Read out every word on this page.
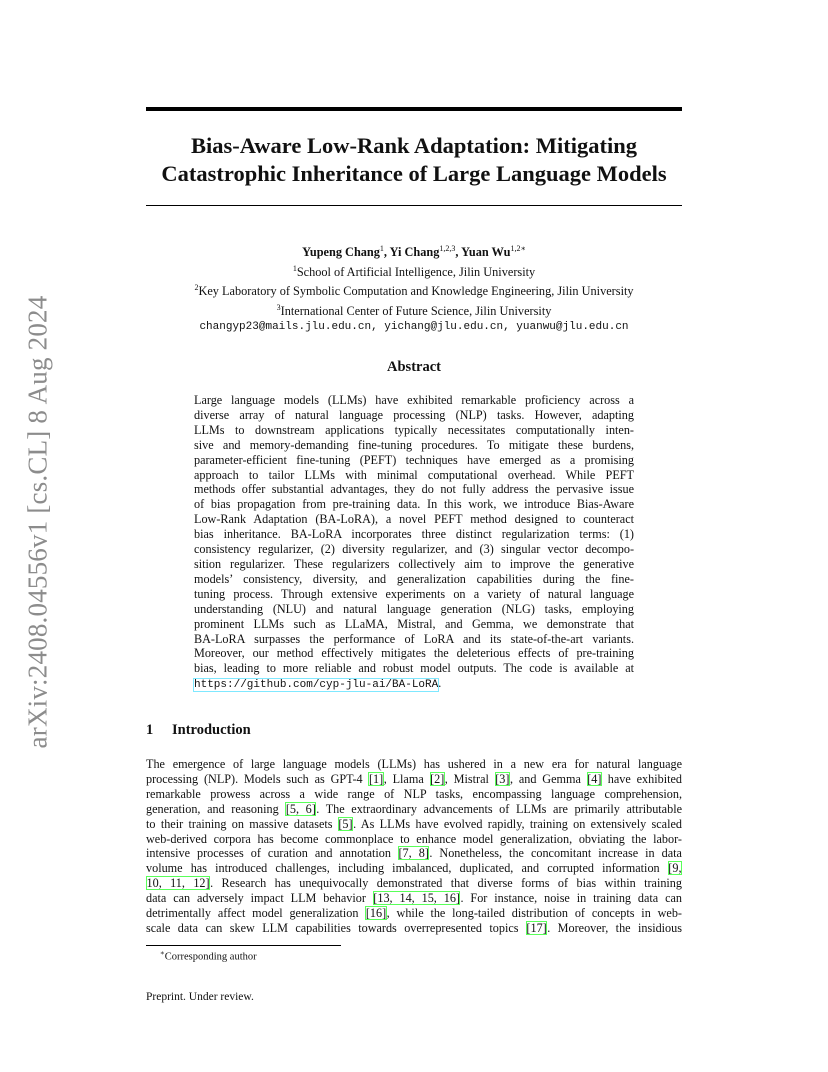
arXiv:2408.04556v1 [cs.CL] 8 Aug 2024
Bias-Aware Low-Rank Adaptation: Mitigating
Catastrophic Inheritance of Large Language Models
Yupeng Chang$^1$, Yi Chang$^{1,2,3}$, Yuan $Wu^{1,2∗}$
$^1$School of Artificial Intelligence, Jilin University
$^2$Key Laboratory of Symbolic Computation and Knowledge Engineering, Jilin University
$^3$International Center of Future Science, Jilin University
changyp23@mails.jlu.edu.cn, yichang@jlu.edu.cn, yuanwu@jlu.edu.cn
Abstract
Large language models (LLMs) have exhibited remarkable proficiency across a
diverse array of natural language processing (NLP) tasks. However, adapting
LLMs to downstream applications typically necessitates computationally inten-
sive and memory-demanding fine-tuning procedures. To mitigate these burdens,
parameter-efficient fine-tuning (PEFT) techniques have emerged as a promising
approach to tailor LLMs with minimal computational overhead. While PEFT
methods offer substantial advantages, they do not fully address the pervasive issue
of bias propagation from pre-training data. In this work, we introduce Bias-Aware
Low-Rank Adaptation (BA-LoRA), a novel PEFT method designed to counteract
bias inheritance. BA-LoRA incorporates three distinct regularization terms: (1)
consistency regularizer, (2) diversity regularizer, and (3) singular vector decompo-
sition regularizer. These regularizers collectively aim to improve the generative
models’ consistency, diversity, and generalization capabilities during the fine-
tuning process. Through extensive experiments on a variety of natural language
understanding (NLU) and natural language generation (NLG) tasks, employing
prominent LLMs such as LLaMA, Mistral, and Gemma, we demonstrate that
BA-LoRA surpasses the performance of LoRA and its state-of-the-art variants.
Moreover, our method effectively mitigates the deleterious effects of pre-training
bias, leading to more reliable and robust model outputs. The code is available at
https://github.com/cyp-jlu-ai/BA-LoRA.
1 Introduction
The emergence of large language models (LLMs) has ushered in a new era for natural language
processing (NLP). Models such as GPT-4 [1], Llama [2], Mistral [3], and Gemma [4] have exhibited
remarkable prowess across a wide range of NLP tasks, encompassing language comprehension,
generation, and reasoning [5, 6]. The extraordinary advancements of LLMs are primarily attributable
to their training on massive datasets [5]. As LLMs have evolved rapidly, training on extensively scaled
web-derived corpora has become commonplace to enhance model generalization, obviating the labor-
intensive processes of curation and annotation [7, 8]. Nonetheless, the concomitant increase in data
volume has introduced challenges, including imbalanced, duplicated, and corrupted information [9,
10, 11, 12]. Research has unequivocally demonstrated that diverse forms of bias within training
data can adversely impact LLM behavior [13, 14, 15, 16]. For instance, noise in training data can
detrimentally affect model generalization [16], while the long-tailed distribution of concepts in web-
scale data can skew LLM capabilities towards overrepresented topics [17]. Moreover, the insidious
∗Corresponding author
Preprint. Under review.
